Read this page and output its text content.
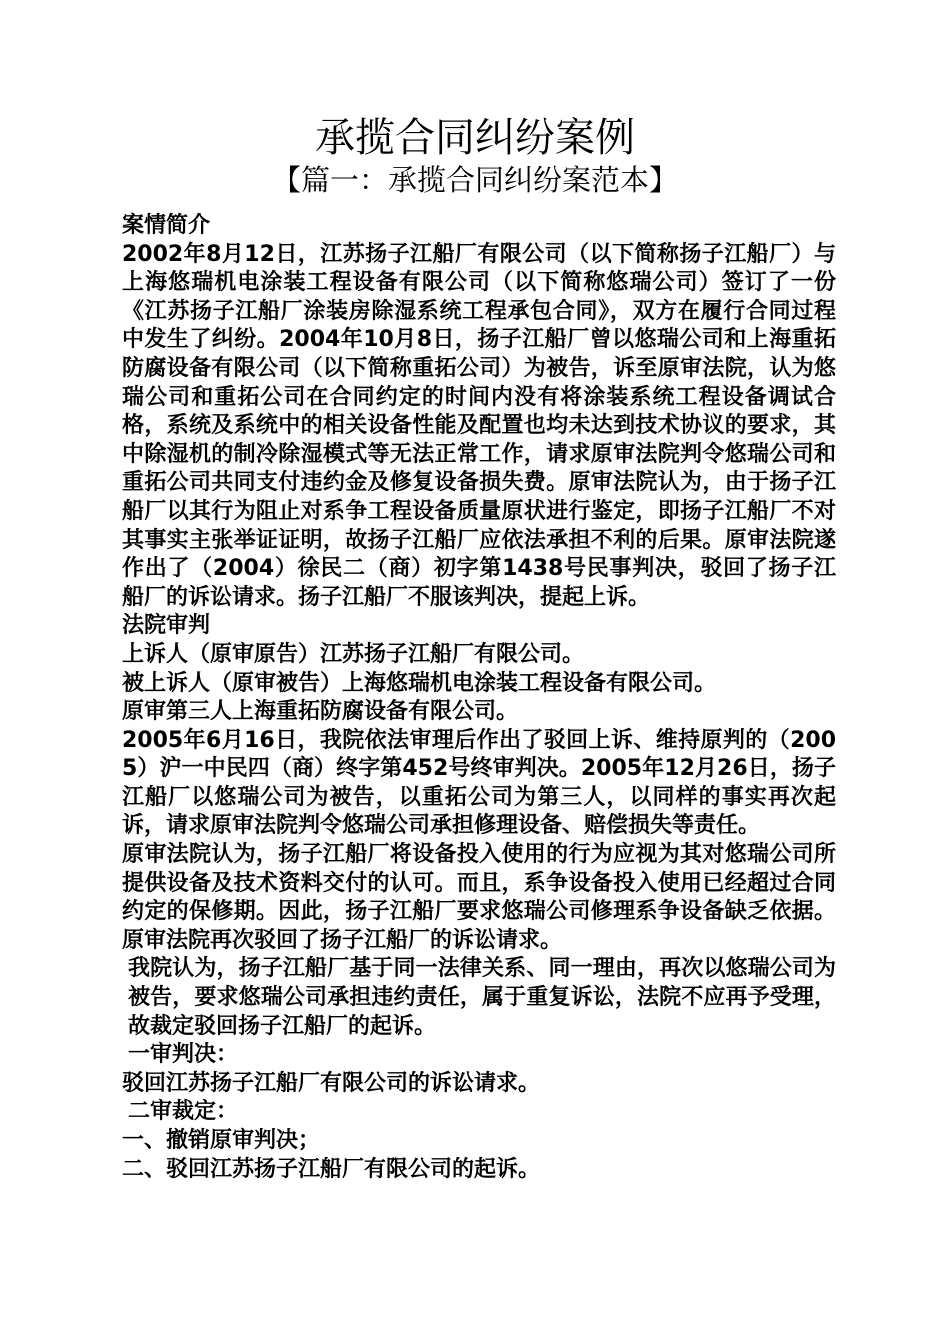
承揽合同纠纷案例
【篇一：承揽合同纠纷案范本】

案情简介

2002年8月12日，江苏扬子江船厂有限公司（以下简称扬子江船厂）与上海悠瑞机电涂装工程设备有限公司（以下简称悠瑞公司）签订了一份《江苏扬子江船厂涂装房除湿系统工程承包合同》，双方在履行合同过程中发生了纠纷。2004年10月8日，扬子江船厂曾以悠瑞公司和上海重拓防腐设备有限公司（以下简称重拓公司）为被告，诉至原审法院，认为悠瑞公司和重拓公司在合同约定的时间内没有将涂装系统工程设备调试合格，系统及系统中的相关设备性能及配置也均未达到技术协议的要求，其中除湿机的制冷除湿模式等无法正常工作，请求原审法院判令悠瑞公司和重拓公司共同支付违约金及修复设备损失费。原审法院认为，由于扬子江船厂以其行为阻止对系争工程设备质量原状进行鉴定，即扬子江船厂不对其事实主张举证证明，故扬子江船厂应依法承担不利的后果。原审法院遂作出了（2004）徐民二（商）初字第1438号民事判决，驳回了扬子江船厂的诉讼请求。扬子江船厂不服该判决，提起上诉。

法院审判

上诉人（原审原告）江苏扬子江船厂有限公司。

被上诉人（原审被告）上海悠瑞机电涂装工程设备有限公司。

原审第三人上海重拓防腐设备有限公司。

2005年6月16日，我院依法审理后作出了驳回上诉、维持原判的（2005）沪一中民四（商）终字第452号终审判决。2005年12月26日，扬子江船厂以悠瑞公司为被告，以重拓公司为第三人，以同样的事实再次起诉，请求原审法院判令悠瑞公司承担修理设备、赔偿损失等责任。

原审法院认为，扬子江船厂将设备投入使用的行为应视为其对悠瑞公司所提供设备及技术资料交付的认可。而且，系争设备投入使用已经超过合同约定的保修期。因此，扬子江船厂要求悠瑞公司修理系争设备缺乏依据。原审法院再次驳回了扬子江船厂的诉讼请求。

我院认为，扬子江船厂基于同一法律关系、同一理由，再次以悠瑞公司为被告，要求悠瑞公司承担违约责任，属于重复诉讼，法院不应再予受理，故裁定驳回扬子江船厂的起诉。

一审判决：

驳回江苏扬子江船厂有限公司的诉讼请求。

二审裁定：

一、撤销原审判决；

二、驳回江苏扬子江船厂有限公司的起诉。
